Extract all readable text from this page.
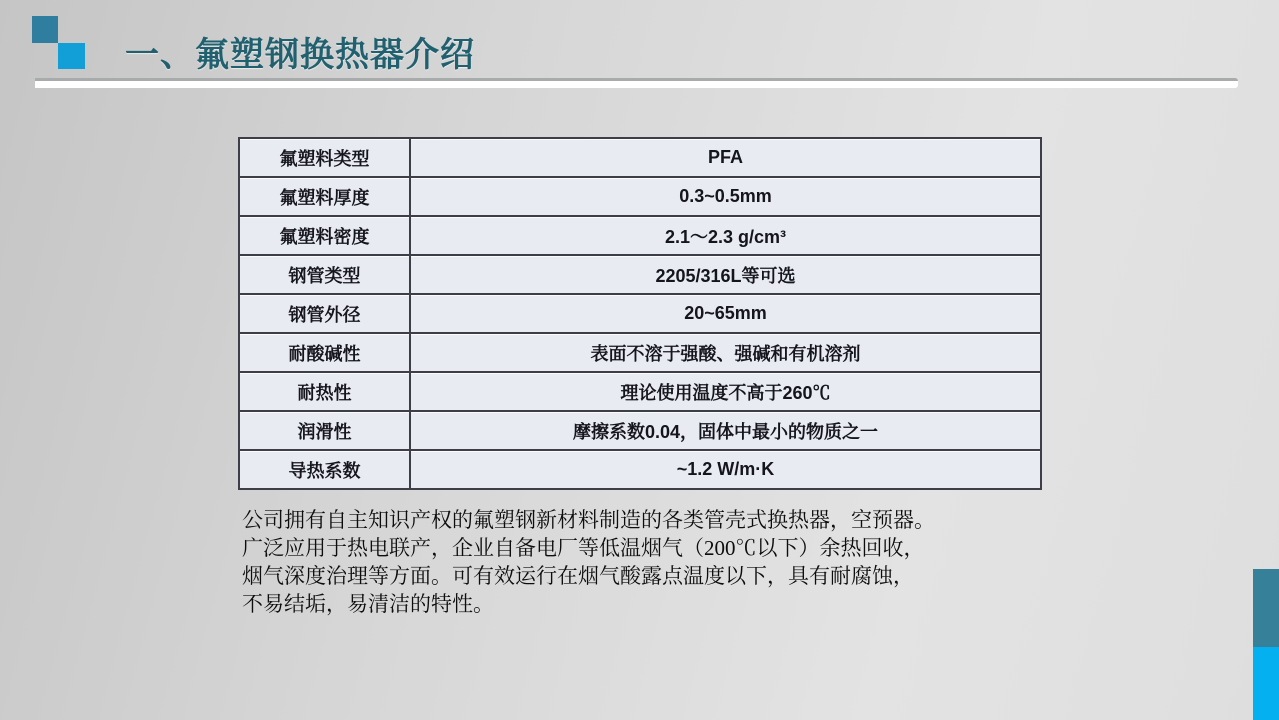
一、氟塑钢换热器介绍
氟塑料类型	PFA
氟塑料厚度	0.3~0.5mm
氟塑料密度	2.1～2.3 g/cm³
钢管类型	2205/316L等可选
钢管外径	20~65mm
耐酸碱性	表面不溶于强酸、强碱和有机溶剂
耐热性	理论使用温度不高于260℃
润滑性	摩擦系数0.04，固体中最小的物质之一
导热系数	~1.2 W/m·K
公司拥有自主知识产权的氟塑钢新材料制造的各类管壳式换热器，空预器。
广泛应用于热电联产，企业自备电厂等低温烟气（200℃以下）余热回收，
烟气深度治理等方面。可有效运行在烟气酸露点温度以下，具有耐腐蚀，
不易结垢，易清洁的特性。
